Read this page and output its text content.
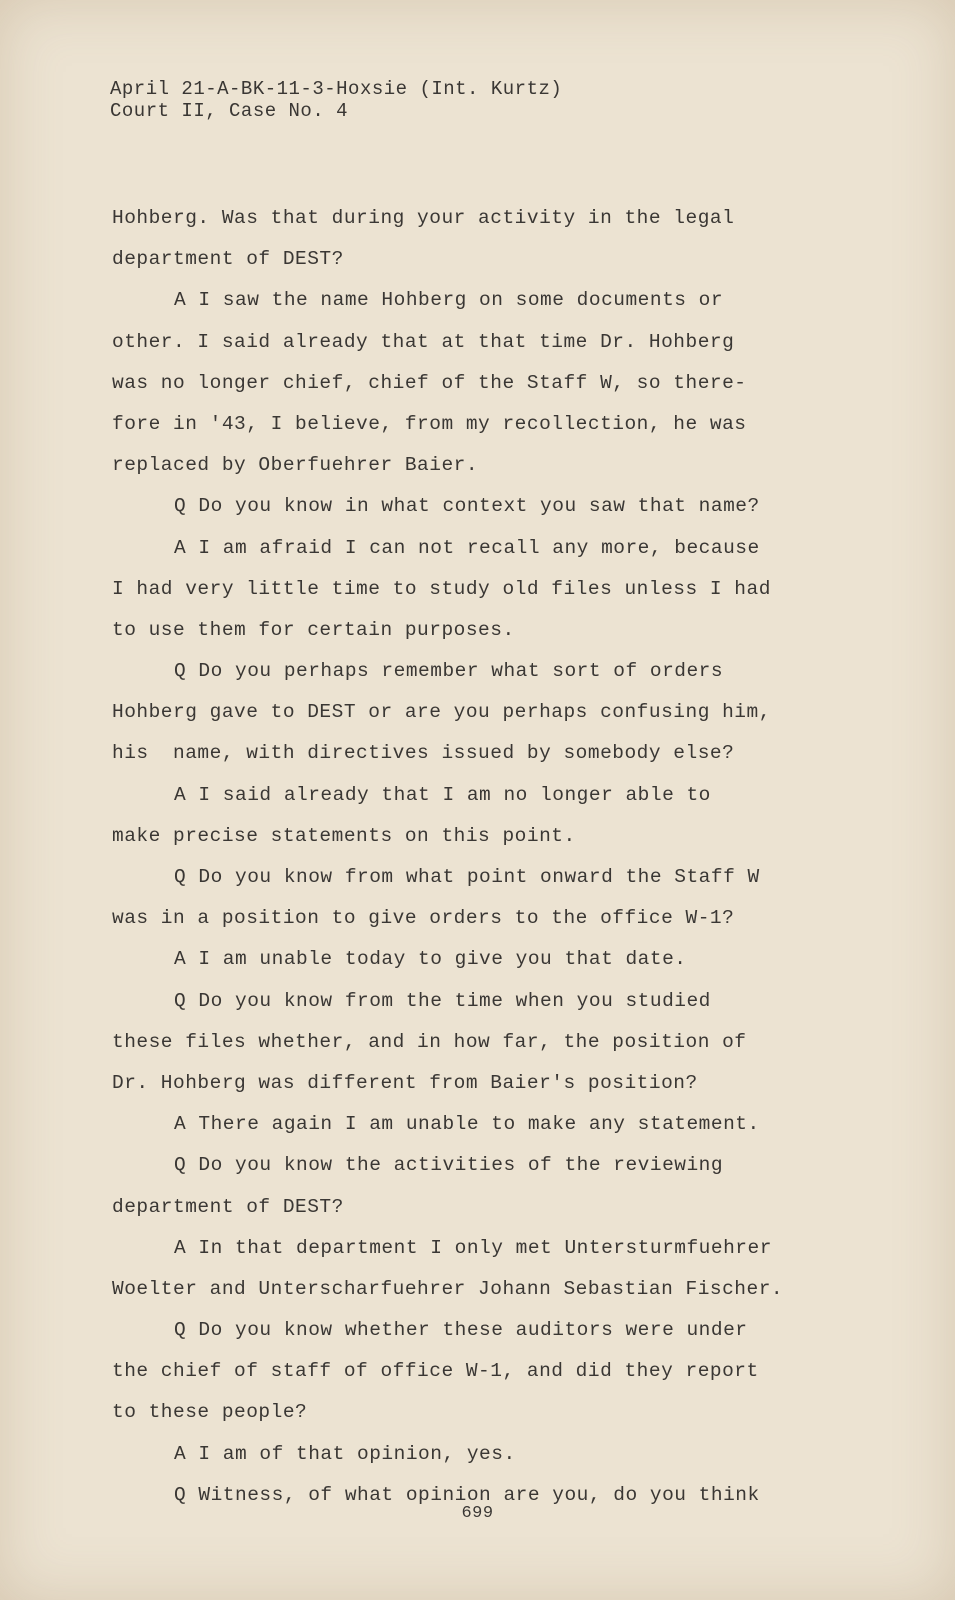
April 21-A-BK-11-3-Hoxsie (Int. Kurtz)
Court II, Case No. 4
Hohberg. Was that during your activity in the legal
department of DEST?
A I saw the name Hohberg on some documents or
other. I said already that at that time Dr. Hohberg
was no longer chief, chief of the Staff W, so there-
fore in '43, I believe, from my recollection, he was
replaced by Oberfuehrer Baier.
Q Do you know in what context you saw that name?
A I am afraid I can not recall any more, because
I had very little time to study old files unless I had
to use them for certain purposes.
Q Do you perhaps remember what sort of orders
Hohberg gave to DEST or are you perhaps confusing him,
his  name, with directives issued by somebody else?
A I said already that I am no longer able to
make precise statements on this point.
Q Do you know from what point onward the Staff W
was in a position to give orders to the office W-1?
A I am unable today to give you that date.
Q Do you know from the time when you studied
these files whether, and in how far, the position of
Dr. Hohberg was different from Baier's position?
A There again I am unable to make any statement.
Q Do you know the activities of the reviewing
department of DEST?
A In that department I only met Untersturmfuehrer
Woelter and Unterscharfuehrer Johann Sebastian Fischer.
Q Do you know whether these auditors were under
the chief of staff of office W-1, and did they report
to these people?
A I am of that opinion, yes.
Q Witness, of what opinion are you, do you think
699
